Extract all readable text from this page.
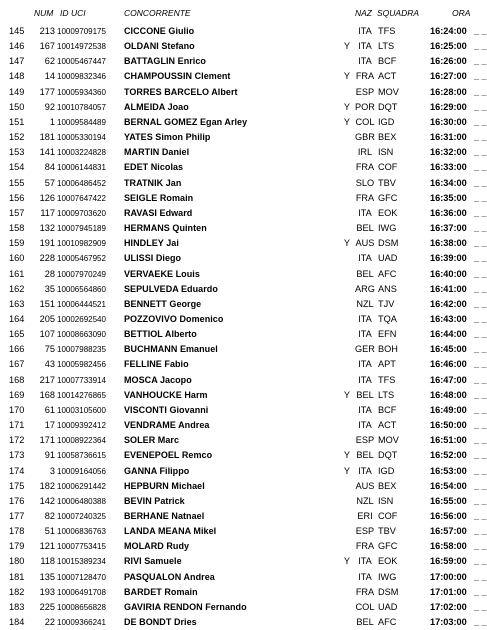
NUM ID UCI	CONCORRENTE	NAZ SQUADRA	ORA
145	213 10009709175 CICCONE Giulio	ITA TFS	16:24:00 _ _
146	167 10014972538 OLDANI Stefano	Y ITA LTS	16:25:00 _ _
147	62 10005467447 BATTAGLIN Enrico	ITA BCF	16:26:00 _ _
148	14 10009832346 CHAMPOUSSIN Clement	Y FRA ACT	16:27:00 _ _
149	177 10005934360 TORRES BARCELO Albert	ESP MOV	16:28:00 _ _
150	92 10010784057 ALMEIDA Joao	Y POR DQT	16:29:00 _ _
151	1 10009584489 BERNAL GOMEZ Egan Arley	Y COL IGD	16:30:00 _ _
152	181 10005330194 YATES Simon Philip	GBR BEX	16:31:00 _ _
153	141 10003224828 MARTIN Daniel	IRL ISN	16:32:00 _ _
154	84 10006144831 EDET Nicolas	FRA COF	16:33:00 _ _
155	57 10006486452 TRATNIK Jan	SLO TBV	16:34:00 _ _
156	126 10007647422 SEIGLE Romain	FRA GFC	16:35:00 _ _
157	117 10009703620 RAVASI Edward	ITA EOK	16:36:00 _ _
158	132 10007945189 HERMANS Quinten	BEL IWG	16:37:00 _ _
159	191 10010982909 HINDLEY Jai	Y AUS DSM	16:38:00 _ _
160	228 10005467952 ULISSI Diego	ITA UAD	16:39:00 _ _
161	28 10007970249 VERVAEKE Louis	BEL AFC	16:40:00 _ _
162	35 10006564860 SEPULVEDA Eduardo	ARG ANS	16:41:00 _ _
163	151 10006444521 BENNETT George	NZL TJV	16:42:00 _ _
164	205 10002692540 POZZOVIVO Domenico	ITA TQA	16:43:00 _ _
165	107 10008663090 BETTIOL Alberto	ITA EFN	16:44:00 _ _
166	75 10007988235 BUCHMANN Emanuel	GER BOH	16:45:00 _ _
167	43 10005982456 FELLINE Fabio	ITA APT	16:46:00 _ _
168	217 10007733914 MOSCA Jacopo	ITA TFS	16:47:00 _ _
169	168 10014276865 VANHOUCKE Harm	Y BEL LTS	16:48:00 _ _
170	61 10003105600 VISCONTI Giovanni	ITA BCF	16:49:00 _ _
171	17 10009392412 VENDRAME Andrea	ITA ACT	16:50:00 _ _
172	171 10008922364 SOLER Marc	ESP MOV	16:51:00 _ _
173	91 10058736615 EVENEPOEL Remco	Y BEL DQT	16:52:00 _ _
174	3 10009164056 GANNA Filippo	Y ITA IGD	16:53:00 _ _
175	182 10006291442 HEPBURN Michael	AUS BEX	16:54:00 _ _
176	142 10006480388 BEVIN Patrick	NZL ISN	16:55:00 _ _
177	82 10007240325 BERHANE Natnael	ERI COF	16:56:00 _ _
178	51 10006836763 LANDA MEANA Mikel	ESP TBV	16:57:00 _ _
179	121 10007753415 MOLARD Rudy	FRA GFC	16:58:00 _ _
180	118 10015389234 RIVI Samuele	Y ITA EOK	16:59:00 _ _
181	135 10007128470 PASQUALON Andrea	ITA IWG	17:00:00 _ _
182	193 10006491708 BARDET Romain	FRA DSM	17:01:00 _ _
183	225 10008656828 GAVIRIA RENDON Fernando	COL UAD	17:02:00 _ _
184	22 10009366241 DE BONDT Dries	BEL AFC	17:03:00 _ _
